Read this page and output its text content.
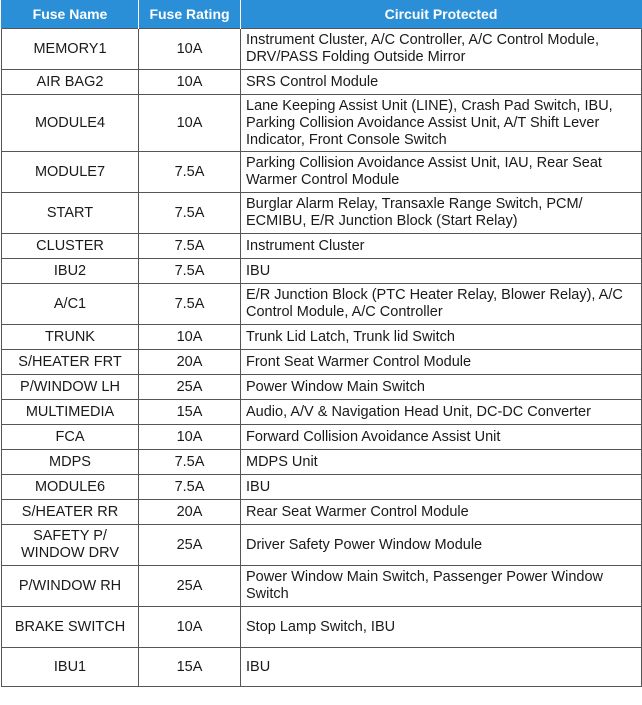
Fuse Name	Fuse Rating	Circuit Protected
MEMORY1	10A	Instrument Cluster, A/C Controller, A/C Control Module, DRV/PASS Folding Outside Mirror
AIR BAG2	10A	SRS Control Module
MODULE4	10A	Lane Keeping Assist Unit (LINE), Crash Pad Switch, IBU, Parking Collision Avoidance Assist Unit, A/T Shift Lever Indicator, Front Console Switch
MODULE7	7.5A	Parking Collision Avoidance Assist Unit, IAU, Rear Seat Warmer Control Module
START	7.5A	Burglar Alarm Relay, Transaxle Range Switch, PCM/ ECMIBU, E/R Junction Block (Start Relay)
CLUSTER	7.5A	Instrument Cluster
IBU2	7.5A	IBU
A/C1	7.5A	E/R Junction Block (PTC Heater Relay, Blower Relay), A/C Control Module, A/C Controller
TRUNK	10A	Trunk Lid Latch, Trunk lid Switch
S/HEATER FRT	20A	Front Seat Warmer Control Module
P/WINDOW LH	25A	Power Window Main Switch
MULTIMEDIA	15A	Audio, A/V & Navigation Head Unit, DC-DC Converter
FCA	10A	Forward Collision Avoidance Assist Unit
MDPS	7.5A	MDPS Unit
MODULE6	7.5A	IBU
S/HEATER RR	20A	Rear Seat Warmer Control Module
SAFETY P/ WINDOW DRV	25A	Driver Safety Power Window Module
P/WINDOW RH	25A	Power Window Main Switch, Passenger Power Window Switch
BRAKE SWITCH	10A	Stop Lamp Switch, IBU
IBU1	15A	IBU
